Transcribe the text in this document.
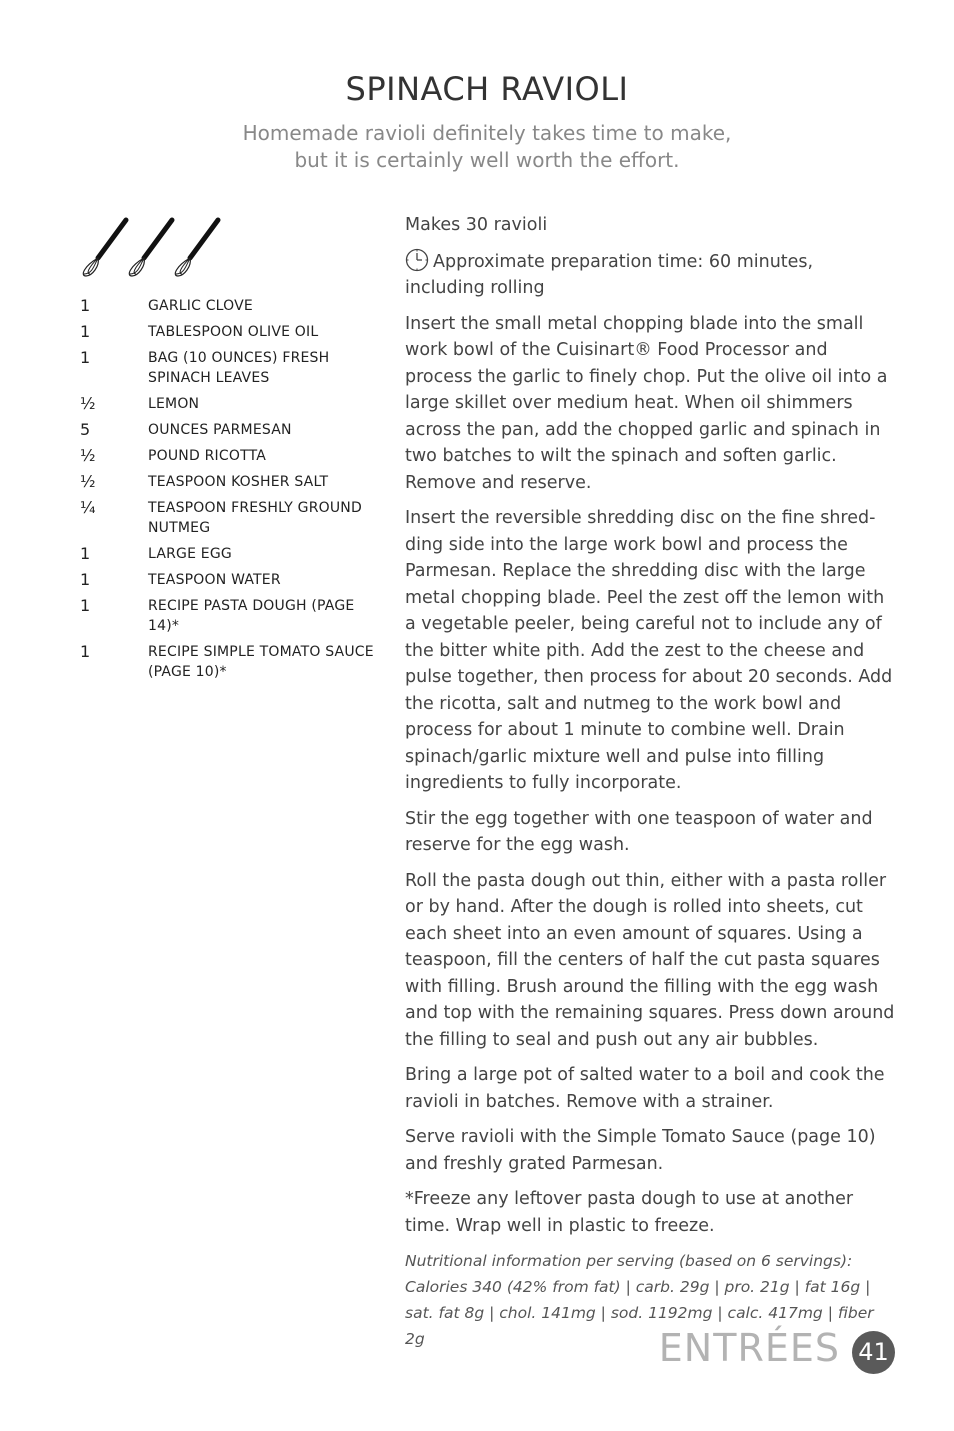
SPINACH RAVIOLI
Homemade ravioli definitely takes time to make,
but it is certainly well worth the effort.
1	GARLIC CLOVE
1	TABLESPOON OLIVE OIL
1	BAG (10 OUNCES) FRESH SPINACH LEAVES
½	LEMON
5	OUNCES PARMESAN
½	POUND RICOTTA
½	TEASPOON KOSHER SALT
¼	TEASPOON FRESHLY GROUND NUTMEG
1	LARGE EGG
1	TEASPOON WATER
1	RECIPE PASTA DOUGH (PAGE 14)*
1	RECIPE SIMPLE TOMATO SAUCE (PAGE 10)*

Makes 30 ravioli

Approximate preparation time: 60 minutes, including rolling

Insert the small metal chopping blade into the small work bowl of the Cuisinart® Food Processor and process the garlic to finely chop. Put the olive oil into a large skillet over medium heat. When oil shimmers across the pan, add the chopped garlic and spinach in two batches to wilt the spinach and soften garlic. Remove and reserve.

Insert the reversible shredding disc on the fine shred-ding side into the large work bowl and process the Parmesan. Replace the shredding disc with the large metal chopping blade. Peel the zest off the lemon with a vegetable peeler, being careful not to include any of the bitter white pith. Add the zest to the cheese and pulse together, then process for about 20 seconds. Add the ricotta, salt and nutmeg to the work bowl and process for about 1 minute to combine well. Drain spinach/garlic mixture well and pulse into filling ingredients to fully incorporate.

Stir the egg together with one teaspoon of water and reserve for the egg wash.

Roll the pasta dough out thin, either with a pasta roller or by hand. After the dough is rolled into sheets, cut each sheet into an even amount of squares. Using a teaspoon, fill the centers of half the cut pasta squares with filling. Brush around the filling with the egg wash and top with the remaining squares. Press down around the filling to seal and push out any air bubbles.

Bring a large pot of salted water to a boil and cook the ravioli in batches. Remove with a strainer.

Serve ravioli with the Simple Tomato Sauce (page 10) and freshly grated Parmesan.

*Freeze any leftover pasta dough to use at another time. Wrap well in plastic to freeze.

Nutritional information per serving (based on 6 servings):
Calories 340 (42% from fat) | carb. 29g | pro. 21g | fat 16g |
sat. fat 8g | chol. 141mg | sod. 1192mg | calc. 417mg | fiber 2g	ENTRÉES 41
